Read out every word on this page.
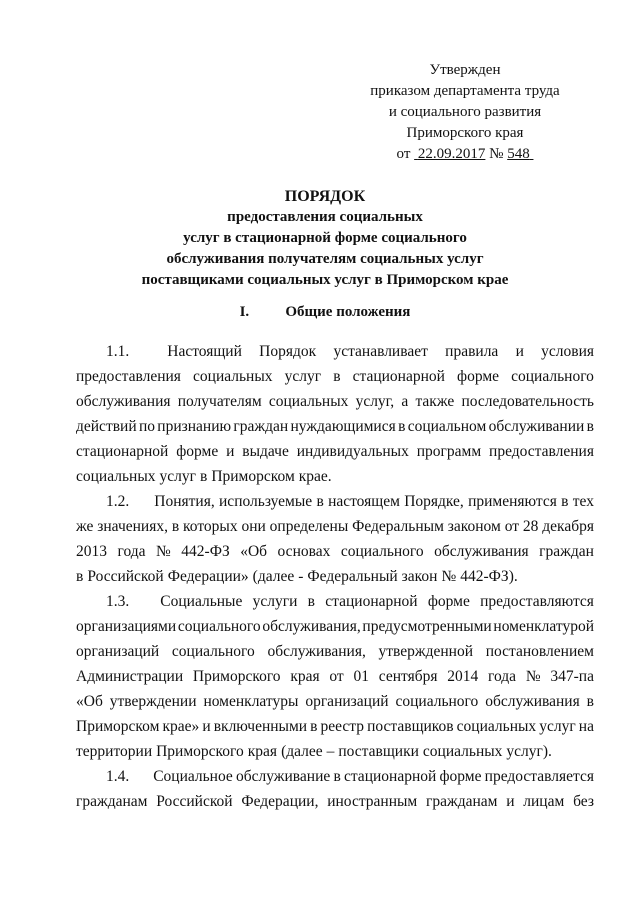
Утвержден
приказом департамента труда
и социального развития
Приморского края
от 22.09.2017 № 548
ПОРЯДОК
предоставления социальных
услуг в стационарной форме социального
обслуживания получателям социальных услуг
поставщиками социальных услуг в Приморском крае
I. Общие положения
1.1.	Настоящий Порядок устанавливает правила и условия
предоставления социальных услуг в стационарной форме социального
обслуживания получателям социальных услуг, а также последовательность
действий по признанию граждан нуждающимися в социальном обслуживании в
стационарной форме и выдаче индивидуальных программ предоставления
социальных услуг в Приморском крае.
1.2.	Понятия, используемые в настоящем Порядке, применяются в тех
же значениях, в которых они определены Федеральным законом от 28 декабря
2013 года № 442-ФЗ «Об основах социального обслуживания граждан
в Российской Федерации» (далее - Федеральный закон № 442-ФЗ).
1.3.	Социальные услуги в стационарной форме предоставляются
организациями социального обслуживания, предусмотренными номенклатурой
организаций социального обслуживания, утвержденной постановлением
Администрации Приморского края от 01 сентября 2014 года № 347-па
«Об утверждении номенклатуры организаций социального обслуживания в
Приморском крае» и включенными в реестр поставщиков социальных услуг на
территории Приморского края (далее – поставщики социальных услуг).
1.4.	Социальное обслуживание в стационарной форме предоставляется
гражданам Российской Федерации, иностранным гражданам и лицам без
